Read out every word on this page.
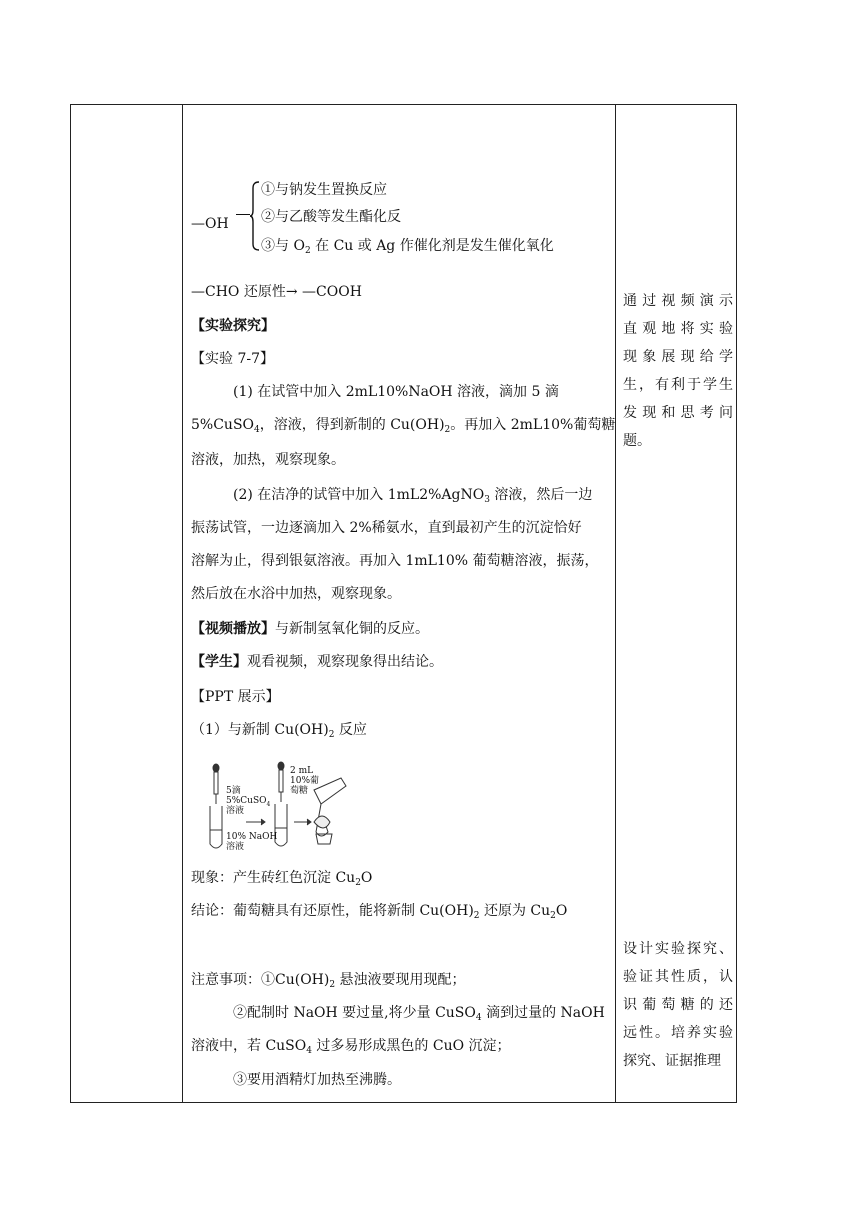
—OH
①与钠发生置换反应
②与乙酸等发生酯化反
③与 $O_2$ 在 Cu 或 Ag 作催化剂是发生催化氧化
—CHO 还原性→ —COOH
【实验探究】
【实验 7-7】
(1) 在试管中加入 2mL10%NaOH 溶液，滴加 5 滴
5%CuSO$_4$，溶液，得到新制的 $Cu(OH)_2$。再加入 2mL10%葡萄糖
溶液，加热，观察现象。
(2) 在洁净的试管中加入 1mL2%AgNO$_3$ 溶液，然后一边
振荡试管，一边逐滴加入 2%稀氨水，直到最初产生的沉淀恰好
溶解为止，得到银氨溶液。再加入 1mL10% 葡萄糖溶液，振荡，
然后放在水浴中加热，观察现象。
【视频播放】与新制氢氧化铜的反应。
【学生】观看视频，观察现象得出结论。
【PPT 展示】
（1）与新制 $Cu(OH)_2$ 反应
5滴
5%CuSO$_4$
溶液
10% NaOH
溶液
2 mL
10%葡
萄糖
现象：产生砖红色沉淀 $Cu_2O$
结论：葡萄糖具有还原性，能将新制 $Cu(OH)_2$ 还原为 $Cu_2O$
注意事项：$①Cu(OH)_2$ 悬浊液要现用现配；
②配制时 NaOH 要过量,将少量 CuSO$_4$ 滴到过量的 NaOH
溶液中，若 CuSO$_4$ 过多易形成黑色的 CuO 沉淀；
③要用酒精灯加热至沸腾。
通过视频演示
直观地将实验
现象展现给学
生，有利于学生
发现和思考问
题。
设计实验探究、
验证其性质，认
识葡萄糖的还
远性。培养实验
探究、证据推理
